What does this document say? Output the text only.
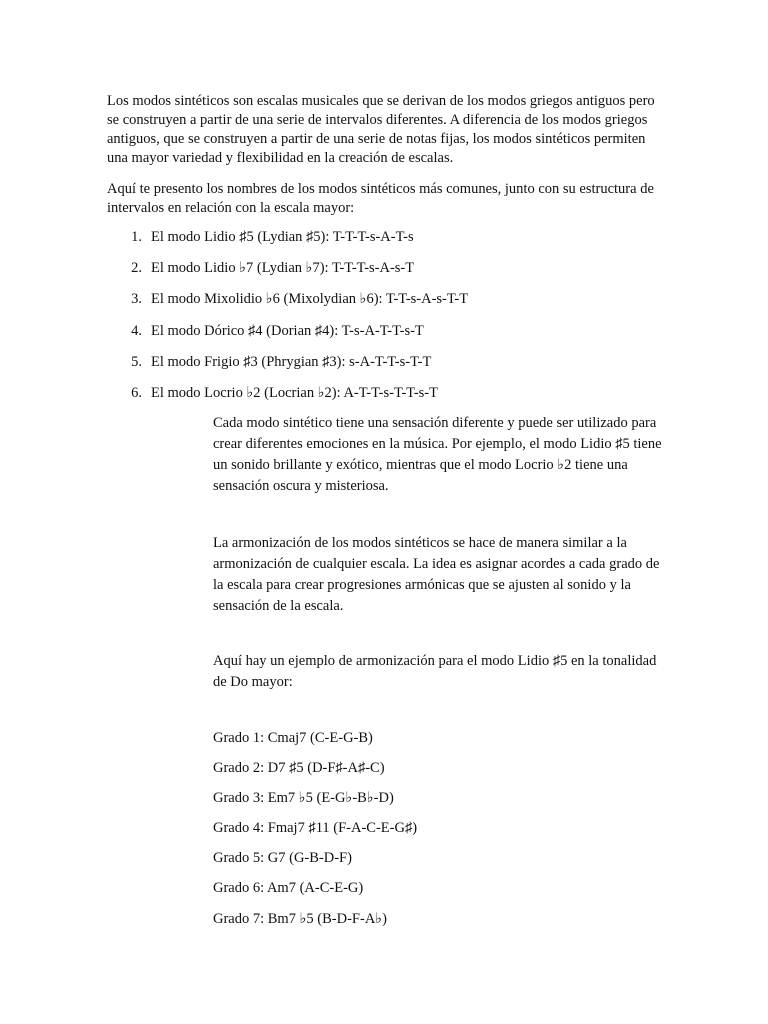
Los modos sintéticos son escalas musicales que se derivan de los modos griegos antiguos pero se construyen a partir de una serie de intervalos diferentes. A diferencia de los modos griegos antiguos, que se construyen a partir de una serie de notas fijas, los modos sintéticos permiten una mayor variedad y flexibilidad en la creación de escalas.

Aquí te presento los nombres de los modos sintéticos más comunes, junto con su estructura de intervalos en relación con la escala mayor:

1. El modo Lidio ♯5 (Lydian ♯5): T-T-T-s-A-T-s
2. El modo Lidio ♭7 (Lydian ♭7): T-T-T-s-A-s-T
3. El modo Mixolidio ♭6 (Mixolydian ♭6): T-T-s-A-s-T-T
4. El modo Dórico ♯4 (Dorian ♯4): T-s-A-T-T-s-T
5. El modo Frigio ♯3 (Phrygian ♯3): s-A-T-T-s-T-T
6. El modo Locrio ♭2 (Locrian ♭2): A-T-T-s-T-T-s-T

Cada modo sintético tiene una sensación diferente y puede ser utilizado para crear diferentes emociones en la música. Por ejemplo, el modo Lidio ♯5 tiene un sonido brillante y exótico, mientras que el modo Locrio ♭2 tiene una sensación oscura y misteriosa.

La armonización de los modos sintéticos se hace de manera similar a la armonización de cualquier escala. La idea es asignar acordes a cada grado de la escala para crear progresiones armónicas que se ajusten al sonido y la sensación de la escala.

Aquí hay un ejemplo de armonización para el modo Lidio ♯5 en la tonalidad de Do mayor:

Grado 1: Cmaj7 (C-E-G-B)
Grado 2: D7 ♯5 (D-F♯-A♯-C)
Grado 3: Em7 ♭5 (E-G♭-B♭-D)
Grado 4: Fmaj7 ♯11 (F-A-C-E-G♯)
Grado 5: G7 (G-B-D-F)
Grado 6: Am7 (A-C-E-G)
Grado 7: Bm7 ♭5 (B-D-F-A♭)
